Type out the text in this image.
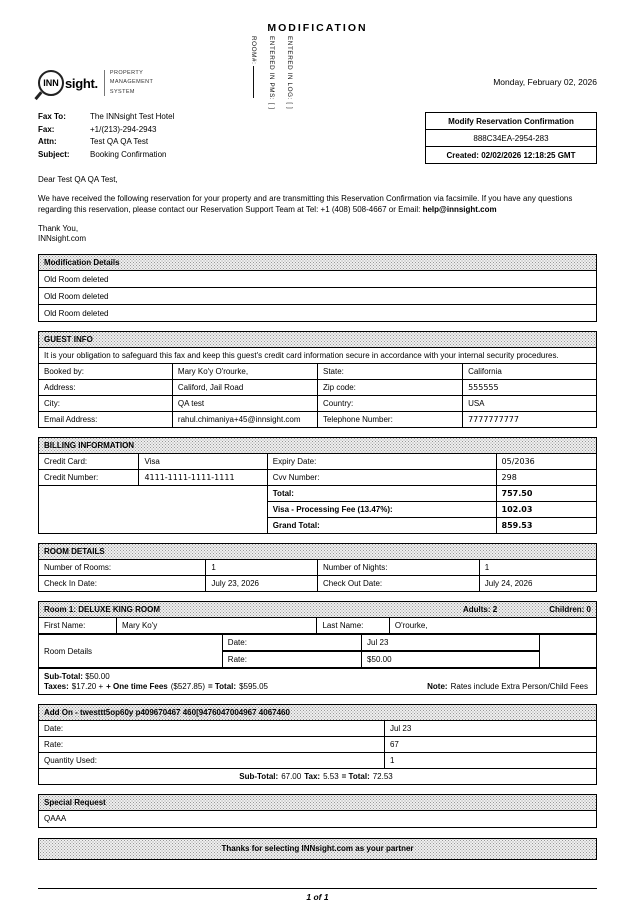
MODIFICATION
INN sight.
PROPERTY
MANAGEMENT
SYSTEM
ROOM#: ENTERED IN PMS: [ ] ENTERED IN LOG: [ ]	Monday, February 02, 2026
Fax To:	The INNsight Test Hotel
Fax:	+1/(213)-294-2943
Attn:	Test QA QA Test
Subject:	Booking Confirmation
Modify Reservation Confirmation
888C34EA-2954-283
Created: 02/02/2026 12:18:25 GMT

Dear Test QA QA Test,

We have received the following reservation for your property and are transmitting this Reservation Confirmation via facsimile. If you have any questions regarding this reservation, please contact our Reservation Support Team at Tel: +1 (408) 508-4667 or Email: help@innsight.com

Thank You,
INNsight.com
Modification Details
Old Room deleted
Old Room deleted
Old Room deleted
GUEST INFO			
It is your obligation to safeguard this fax and keep this guest's credit card information secure in accordance with your internal security procedures.			
Booked by:	Mary Ko'y O'rourke,	State:	California
Address:	Califord, Jail Road	Zip code:	555555
City:	QA test	Country:	USA
Email Address:	rahul.chimaniya+45@innsight.com	Telephone Number:	7777777777
BILLING INFORMATION			
Credit Card:	Visa	Expiry Date:	05/2036
Credit Number:	4111-1111-1111-1111	Cvv Number:	298
		Total:	757.50
		Visa - Processing Fee (13.47%):	102.03
		Grand Total:	859.53
ROOM DETAILS			
Number of Rooms:	1	Number of Nights:	1
Check In Date:	July 23, 2026	Check Out Date:	July 24, 2026
Room 1: DELUXE KING ROOM	Adults: 2	Children: 0
First Name:	Mary Ko'y	Last Name:	O'rourke,
Room Details
Date:	Jul 23
Rate:	$50.00
Sub-Total: $50.00
Taxes: $17.20 + + One time Fees ($527.85) = Total: $595.05	Note: Rates include Extra Person/Child Fees
Add On - twesttt5op60y p409670467 460[9476047004967 4067460	
Date:	Jul 23
Rate:	67
Quantity Used:	1
Sub-Total: 67.00 Tax: 5.53 = Total: 72.53	
Special Request
QAAA
Thanks for selecting INNsight.com as your partner
1 of 1
